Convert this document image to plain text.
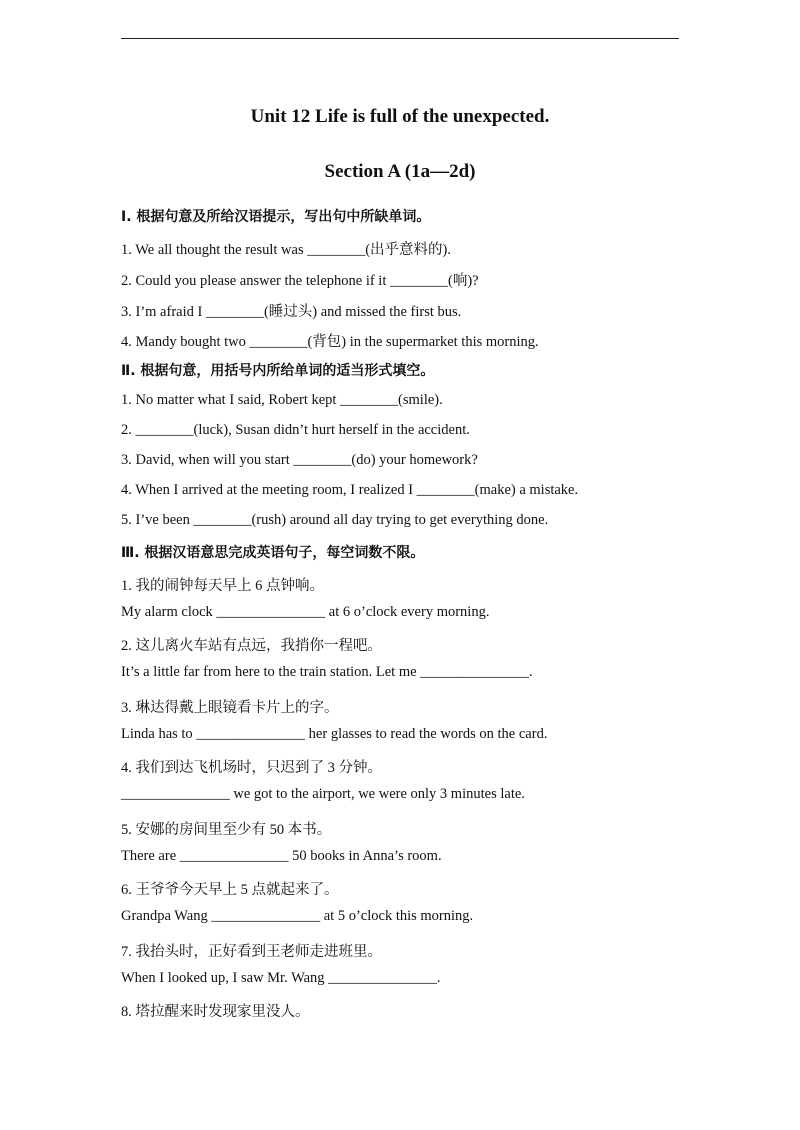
Unit 12 Life is full of the unexpected.
Section A (1a—2d)
Ⅰ. 根据句意及所给汉语提示，写出句中所缺单词。
1. We all thought the result was ________(出乎意料的).
2. Could you please answer the telephone if it ________(响)?
3. I’m afraid I ________(睡过头) and missed the first bus.
4. Mandy bought two ________(背包) in the supermarket this morning.
Ⅱ. 根据句意，用括号内所给单词的适当形式填空。
1. No matter what I said, Robert kept ________(smile).
2. ________(luck), Susan didn’t hurt herself in the accident.
3. David, when will you start ________(do) your homework?
4. When I arrived at the meeting room, I realized I ________(make) a mistake.
5. I’ve been ________(rush) around all day trying to get everything done.
Ⅲ. 根据汉语意思完成英语句子，每空词数不限。
1. 我的闹钟每天早上 6 点钟响。
My alarm clock _______________ at 6 o’clock every morning.
2. 这儿离火车站有点远，我捎你一程吧。
It’s a little far from here to the train station. Let me _______________.
3. 琳达得戴上眼镜看卡片上的字。
Linda has to _______________ her glasses to read the words on the card.
4. 我们到达飞机场时，只迟到了 3 分钟。
_______________ we got to the airport, we were only 3 minutes late.
5. 安娜的房间里至少有 50 本书。
There are _______________ 50 books in Anna’s room.
6. 王爷爷今天早上 5 点就起来了。
Grandpa Wang _______________ at 5 o’clock this morning.
7. 我抬头时，正好看到王老师走进班里。
When I looked up, I saw Mr. Wang _______________.
8. 塔拉醒来时发现家里没人。
